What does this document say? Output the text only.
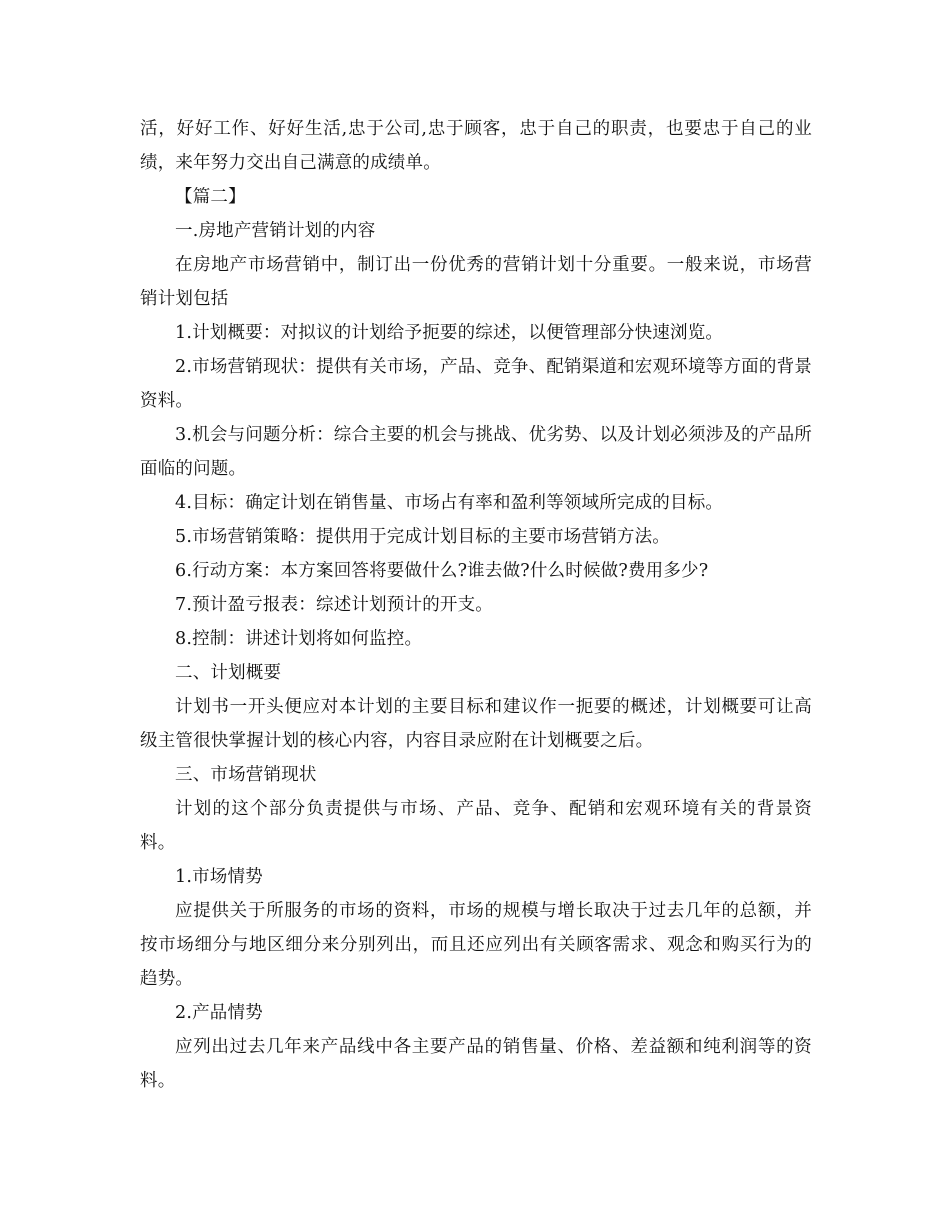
活，好好工作、好好生活,忠于公司,忠于顾客，忠于自己的职责，也要忠于自己的业绩，来年努力交出自己满意的成绩单。

【篇二】

一.房地产营销计划的内容

在房地产市场营销中，制订出一份优秀的营销计划十分重要。一般来说，市场营销计划包括

1.计划概要：对拟议的计划给予扼要的综述，以便管理部分快速浏览。

2.市场营销现状：提供有关市场，产品、竞争、配销渠道和宏观环境等方面的背景资料。

3.机会与问题分析：综合主要的机会与挑战、优劣势、以及计划必须涉及的产品所面临的问题。

4.目标：确定计划在销售量、市场占有率和盈利等领域所完成的目标。

5.市场营销策略：提供用于完成计划目标的主要市场营销方法。

6.行动方案：本方案回答将要做什么?谁去做?什么时候做?费用多少?

7.预计盈亏报表：综述计划预计的开支。

8.控制：讲述计划将如何监控。

二、计划概要

计划书一开头便应对本计划的主要目标和建议作一扼要的概述，计划概要可让高级主管很快掌握计划的核心内容，内容目录应附在计划概要之后。

三、市场营销现状

计划的这个部分负责提供与市场、产品、竞争、配销和宏观环境有关的背景资料。

1.市场情势

应提供关于所服务的市场的资料，市场的规模与增长取决于过去几年的总额，并按市场细分与地区细分来分别列出，而且还应列出有关顾客需求、观念和购买行为的趋势。

2.产品情势

应列出过去几年来产品线中各主要产品的销售量、价格、差益额和纯利润等的资料。
